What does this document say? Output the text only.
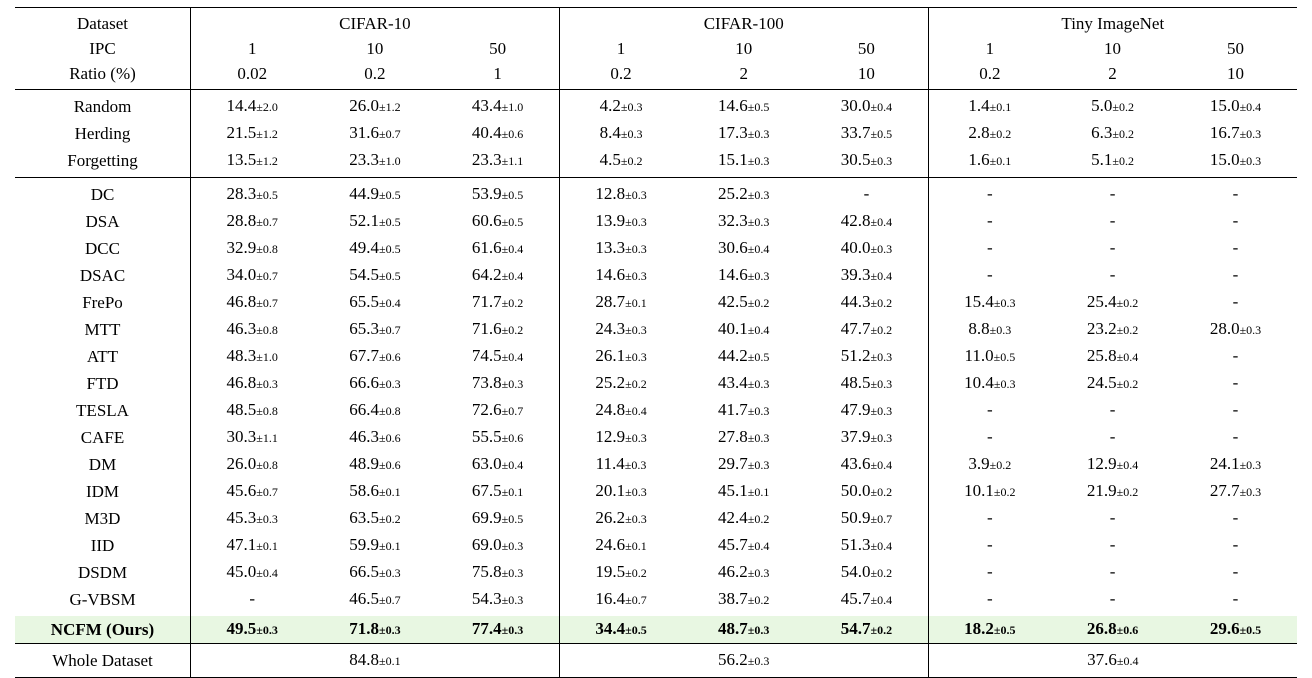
Dataset	CIFAR-10			CIFAR-100			Tiny ImageNet		
IPC	1	10	50	1	10	50	1	10	50
Ratio (%)	0.02	0.2	1	0.2	2	10	0.2	2	10
Random	14.4±2.0	26.0±1.2	43.4±1.0	4.2±0.3	14.6±0.5	30.0±0.4	1.4±0.1	5.0±0.2	15.0±0.4
Herding	21.5±1.2	31.6±0.7	40.4±0.6	8.4±0.3	17.3±0.3	33.7±0.5	2.8±0.2	6.3±0.2	16.7±0.3
Forgetting	13.5±1.2	23.3±1.0	23.3±1.1	4.5±0.2	15.1±0.3	30.5±0.3	1.6±0.1	5.1±0.2	15.0±0.3
DC	28.3±0.5	44.9±0.5	53.9±0.5	12.8±0.3	25.2±0.3	-	-	-	-
DSA	28.8±0.7	52.1±0.5	60.6±0.5	13.9±0.3	32.3±0.3	42.8±0.4	-	-	-
DCC	32.9±0.8	49.4±0.5	61.6±0.4	13.3±0.3	30.6±0.4	40.0±0.3	-	-	-
DSAC	34.0±0.7	54.5±0.5	64.2±0.4	14.6±0.3	14.6±0.3	39.3±0.4	-	-	-
FrePo	46.8±0.7	65.5±0.4	71.7±0.2	28.7±0.1	42.5±0.2	44.3±0.2	15.4±0.3	25.4±0.2	-
MTT	46.3±0.8	65.3±0.7	71.6±0.2	24.3±0.3	40.1±0.4	47.7±0.2	8.8±0.3	23.2±0.2	28.0±0.3
ATT	48.3±1.0	67.7±0.6	74.5±0.4	26.1±0.3	44.2±0.5	51.2±0.3	11.0±0.5	25.8±0.4	-
FTD	46.8±0.3	66.6±0.3	73.8±0.3	25.2±0.2	43.4±0.3	48.5±0.3	10.4±0.3	24.5±0.2	-
TESLA	48.5±0.8	66.4±0.8	72.6±0.7	24.8±0.4	41.7±0.3	47.9±0.3	-	-	-
CAFE	30.3±1.1	46.3±0.6	55.5±0.6	12.9±0.3	27.8±0.3	37.9±0.3	-	-	-
DM	26.0±0.8	48.9±0.6	63.0±0.4	11.4±0.3	29.7±0.3	43.6±0.4	3.9±0.2	12.9±0.4	24.1±0.3
IDM	45.6±0.7	58.6±0.1	67.5±0.1	20.1±0.3	45.1±0.1	50.0±0.2	10.1±0.2	21.9±0.2	27.7±0.3
M3D	45.3±0.3	63.5±0.2	69.9±0.5	26.2±0.3	42.4±0.2	50.9±0.7	-	-	-
IID	47.1±0.1	59.9±0.1	69.0±0.3	24.6±0.1	45.7±0.4	51.3±0.4	-	-	-
DSDM	45.0±0.4	66.5±0.3	75.8±0.3	19.5±0.2	46.2±0.3	54.0±0.2	-	-	-
G-VBSM	-	46.5±0.7	54.3±0.3	16.4±0.7	38.7±0.2	45.7±0.4	-	-	-
NCFM (Ours)	49.5±0.3	71.8±0.3	77.4±0.3	34.4±0.5	48.7±0.3	54.7±0.2	18.2±0.5	26.8±0.6	29.6±0.5
Whole Dataset	84.8±0.1			56.2±0.3			37.6±0.4		
